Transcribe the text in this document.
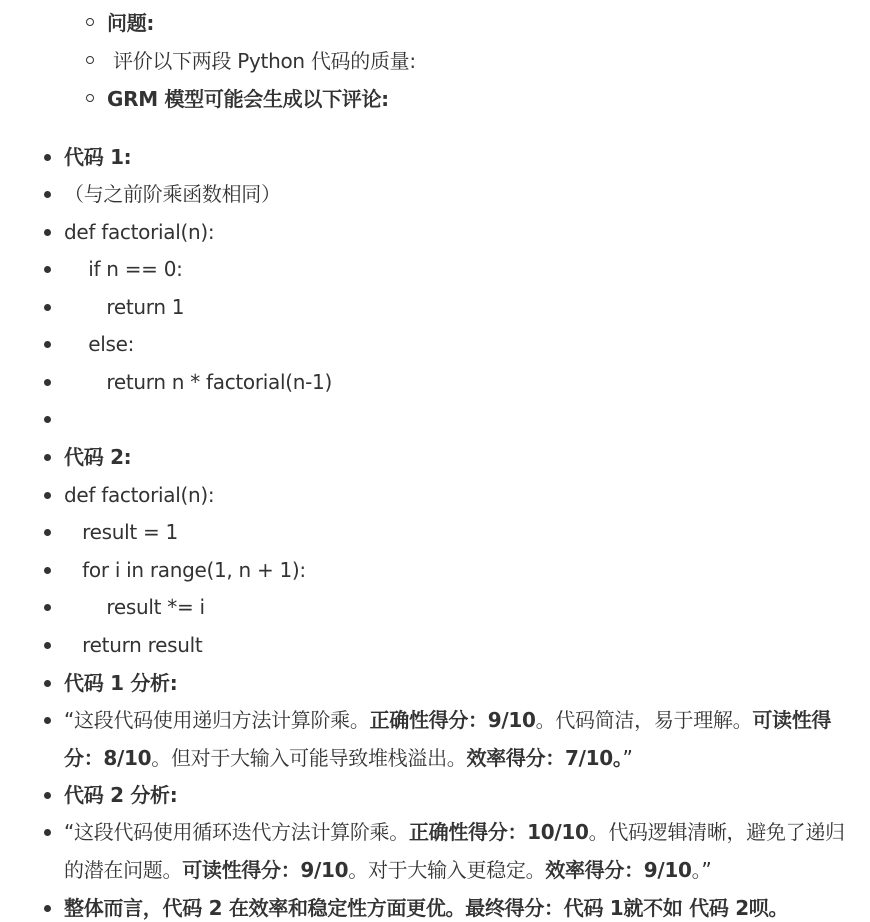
问题:
评价以下两段 Python 代码的质量:
GRM 模型可能会生成以下评论:
代码 1:
（与之前阶乘函数相同）
def factorial(n):
if n == 0:
return 1
else:
return n * factorial(n-1)
代码 2:
def factorial(n):
result = 1
for i in range(1, n + 1):
result *= i
return result
代码 1 分析:
“这段代码使用递归方法计算阶乘。正确性得分：9/10。代码简洁，易于理解。可读性得分：8/10。但对于大输入可能导致堆栈溢出。效率得分：7/10。”
代码 2 分析:
“这段代码使用循环迭代方法计算阶乘。正确性得分：10/10。代码逻辑清晰，避免了递归的潜在问题。可读性得分：9/10。对于大输入更稳定。效率得分：9/10。”
整体而言，代码 2 在效率和稳定性方面更优。最终得分：代码 1就不如 代码 2呗。
